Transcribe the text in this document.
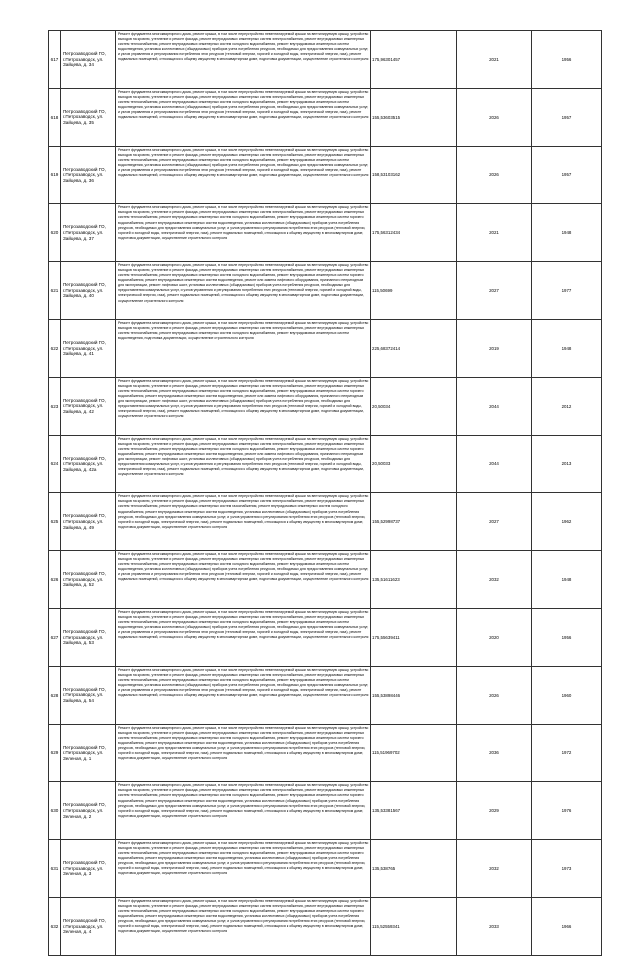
617	Петрозаводский ГО, г.Петрозаводск, ул. Зайцева, д. 34	Ремонт фундамента многоквартирного дома, ремонт крыши, в том числе переустройство невентилируемой крыши на вентилируемую крышу, устройство выходов на кровлю, утепление и ремонт фасада, ремонт внутридомовых инженерных систем электроснабжения, ремонт внутридомовых инженерных систем теплоснабжения, ремонт внутридомовых инженерных систем холодного водоснабжения, ремонт внутридомовых инженерных систем водоотведения, установка коллективных (общедомовых) приборов учета потребления ресурсов, необходимых для предоставления коммунальных услуг, и узлов управления и регулирования потребления этих ресурсов (тепловой энергии, горячей и холодной воды, электрической энергии, газа), ремонт подвальных помещений, относящихся к общему имуществу в многоквартирном доме, подготовка документации, осуществление строительного контроля	175,96301457	2021	1956
618	Петрозаводский ГО, г.Петрозаводск, ул. Зайцева, д. 35	Ремонт фундамента многоквартирного дома, ремонт крыши, в том числе переустройство невентилируемой крыши на вентилируемую крышу, устройство выходов на кровлю, утепление и ремонт фасада, ремонт внутридомовых инженерных систем электроснабжения, ремонт внутридомовых инженерных систем теплоснабжения, ремонт внутридомовых инженерных систем холодного водоснабжения, ремонт внутридомовых инженерных систем водоотведения, установка коллективных (общедомовых) приборов учета потребления ресурсов, необходимых для предоставления коммунальных услуг, и узлов управления и регулирования потребления этих ресурсов (тепловой энергии, горячей и холодной воды, электрической энергии, газа), ремонт подвальных помещений, относящихся к общему имуществу в многоквартирном доме, подготовка документации, осуществление строительного контроля	155,53603515	2026	1957
619	Петрозаводский ГО, г.Петрозаводск, ул. Зайцева, д. 36	Ремонт фундамента многоквартирного дома, ремонт крыши, в том числе переустройство невентилируемой крыши на вентилируемую крышу, устройство выходов на кровлю, утепление и ремонт фасада, ремонт внутридомовых инженерных систем электроснабжения, ремонт внутридомовых инженерных систем теплоснабжения, ремонт внутридомовых инженерных систем холодного водоснабжения, ремонт внутридомовых инженерных систем водоотведения, установка коллективных (общедомовых) приборов учета потребления ресурсов, необходимых для предоставления коммунальных услуг, и узлов управления и регулирования потребления этих ресурсов (тепловой энергии, горячей и холодной воды, электрической энергии, газа), ремонт подвальных помещений, относящихся к общему имуществу в многоквартирном доме, подготовка документации, осуществление строительного контроля	158,53103162	2026	1957
620	Петрозаводский ГО, г.Петрозаводск, ул. Зайцева, д. 37	Ремонт фундамента многоквартирного дома, ремонт крыши, в том числе переустройство невентилируемой крыши на вентилируемую крышу, устройство выходов на кровлю, утепление и ремонт фасада, ремонт внутридомовых инженерных систем электроснабжения, ремонт внутридомовых инженерных систем теплоснабжения, ремонт внутридомовых инженерных систем холодного водоснабжения, ремонт внутридомовых инженерных систем горячего водоснабжения, ремонт внутридомовых инженерных систем водоотведения, установка коллективных (общедомовых) приборов учета потребления ресурсов, необходимых для предоставления коммунальных услуг, и узлов управления и регулирования потребления этих ресурсов (тепловой энергии, горячей и холодной воды, электрической энергии, газа), ремонт подвальных помещений, относящихся к общему имуществу в многоквартирном доме, подготовка документации, осуществление строительного контроля	175,56312434	2021	1948
621	Петрозаводский ГО, г.Петрозаводск, ул. Зайцева, д. 40	Ремонт фундамента многоквартирного дома, ремонт крыши, в том числе переустройство невентилируемой крыши на вентилируемую крышу, устройство выходов на кровлю, утепление и ремонт фасада, ремонт внутридомовых инженерных систем электроснабжения, ремонт внутридомовых инженерных систем теплоснабжения, ремонт внутридомовых инженерных систем холодного водоснабжения, ремонт внутридомовых инженерных систем горячего водоснабжения, ремонт внутридомовых инженерных систем водоотведения, ремонт или замена лифтового оборудования, признанного непригодным для эксплуатации, ремонт лифтовых шахт, установка коллективных (общедомовых) приборов учета потребления ресурсов, необходимых для предоставления коммунальных услуг, и узлов управления и регулирования потребления этих ресурсов (тепловой энергии, горячей и холодной воды, электрической энергии, газа), ремонт подвальных помещений, относящихся к общему имуществу в многоквартирном доме, подготовка документации, осуществление строительного контроля	115,50699	2027	1977
622	Петрозаводский ГО, г.Петрозаводск, ул. Зайцева, д. 41	Ремонт фундамента многоквартирного дома, ремонт крыши, в том числе переустройство невентилируемой крыши на вентилируемую крышу, устройство выходов на кровлю, утепление и ремонт фасада, ремонт внутридомовых инженерных систем электроснабжения, ремонт внутридомовых инженерных систем теплоснабжения, ремонт внутридомовых инженерных систем холодного водоснабжения, ремонт внутридомовых инженерных систем водоотведения, подготовка документации, осуществление строительного контроля	225,68372414	2019	1948
623	Петрозаводский ГО, г.Петрозаводск, ул. Зайцева, д. 42	Ремонт фундамента многоквартирного дома, ремонт крыши, в том числе переустройство невентилируемой крыши на вентилируемую крышу, устройство выходов на кровлю, утепление и ремонт фасада, ремонт внутридомовых инженерных систем электроснабжения, ремонт внутридомовых инженерных систем теплоснабжения, ремонт внутридомовых инженерных систем холодного водоснабжения, ремонт внутридомовых инженерных систем горячего водоснабжения, ремонт внутридомовых инженерных систем водоотведения, ремонт или замена лифтового оборудования, признанного непригодным для эксплуатации, ремонт лифтовых шахт, установка коллективных (общедомовых) приборов учета потребления ресурсов, необходимых для предоставления коммунальных услуг, и узлов управления и регулирования потребления этих ресурсов (тепловой энергии, горячей и холодной воды, электрической энергии, газа), ремонт подвальных помещений, относящихся к общему имуществу в многоквартирном доме, подготовка документации, осуществление строительного контроля	20,50034	2044	2012
624	Петрозаводский ГО, г.Петрозаводск, ул. Зайцева, д. 42а	Ремонт фундамента многоквартирного дома, ремонт крыши, в том числе переустройство невентилируемой крыши на вентилируемую крышу, устройство выходов на кровлю, утепление и ремонт фасада, ремонт внутридомовых инженерных систем электроснабжения, ремонт внутридомовых инженерных систем теплоснабжения, ремонт внутридомовых инженерных систем холодного водоснабжения, ремонт внутридомовых инженерных систем горячего водоснабжения, ремонт внутридомовых инженерных систем водоотведения, ремонт или замена лифтового оборудования, признанного непригодным для эксплуатации, ремонт лифтовых шахт, установка коллективных (общедомовых) приборов учета потребления ресурсов, необходимых для предоставления коммунальных услуг, и узлов управления и регулирования потребления этих ресурсов (тепловой энергии, горячей и холодной воды, электрической энергии, газа), ремонт подвальных помещений, относящихся к общему имуществу в многоквартирном доме, подготовка документации, осуществление строительного контроля	20,50033	2044	2013
625	Петрозаводский ГО, г.Петрозаводск, ул. Зайцева, д. 49	Ремонт фундамента многоквартирного дома, ремонт крыши, в том числе переустройство невентилируемой крыши на вентилируемую крышу, устройство выходов на кровлю, утепление и ремонт фасада, ремонт внутридомовых инженерных систем электроснабжения, ремонт внутридомовых инженерных систем теплоснабжения, ремонт внутридомовых инженерных систем газоснабжения, ремонт внутридомовых инженерных систем холодного водоснабжения, ремонт внутридомовых инженерных систем водоотведения, установка коллективных (общедомовых) приборов учета потребления ресурсов, необходимых для предоставления коммунальных услуг, и узлов управления и регулирования потребления этих ресурсов (тепловой энергии, горячей и холодной воды, электрической энергии, газа), ремонт подвальных помещений, относящихся к общему имуществу в многоквартирном доме, подготовка документации, осуществление строительного контроля	155,52998737	2027	1962
626	Петрозаводский ГО, г.Петрозаводск, ул. Зайцева, д. 52	Ремонт фундамента многоквартирного дома, ремонт крыши, в том числе переустройство невентилируемой крыши на вентилируемую крышу, устройство выходов на кровлю, утепление и ремонт фасада, ремонт внутридомовых инженерных систем электроснабжения, ремонт внутридомовых инженерных систем теплоснабжения, ремонт внутридомовых инженерных систем холодного водоснабжения, ремонт внутридомовых инженерных систем водоотведения, установка коллективных (общедомовых) приборов учета потребления ресурсов, необходимых для предоставления коммунальных услуг, и узлов управления и регулирования потребления этих ресурсов (тепловой энергии, горячей и холодной воды, электрической энергии, газа), ремонт подвальных помещений, относящихся к общему имуществу в многоквартирном доме, подготовка документации, осуществление строительного контроля	135,51611623	2032	1948
627	Петрозаводский ГО, г.Петрозаводск, ул. Зайцева, д. 53	Ремонт фундамента многоквартирного дома, ремонт крыши, в том числе переустройство невентилируемой крыши на вентилируемую крышу, устройство выходов на кровлю, утепление и ремонт фасада, ремонт внутридомовых инженерных систем электроснабжения, ремонт внутридомовых инженерных систем теплоснабжения, ремонт внутридомовых инженерных систем холодного водоснабжения, ремонт внутридомовых инженерных систем водоотведения, установка коллективных (общедомовых) приборов учета потребления ресурсов, необходимых для предоставления коммунальных услуг, и узлов управления и регулирования потребления этих ресурсов (тепловой энергии, горячей и холодной воды, электрической энергии, газа), ремонт подвальных помещений, относящихся к общему имуществу в многоквартирном доме, подготовка документации, осуществление строительного контроля	175,55639411	2020	1956
628	Петрозаводский ГО, г.Петрозаводск, ул. Зайцева, д. 54	Ремонт фундамента многоквартирного дома, ремонт крыши, в том числе переустройство невентилируемой крыши на вентилируемую крышу, устройство выходов на кровлю, утепление и ремонт фасада, ремонт внутридомовых инженерных систем электроснабжения, ремонт внутридомовых инженерных систем теплоснабжения, ремонт внутридомовых инженерных систем холодного водоснабжения, ремонт внутридомовых инженерных систем водоотведения, установка коллективных (общедомовых) приборов учета потребления ресурсов, необходимых для предоставления коммунальных услуг, и узлов управления и регулирования потребления этих ресурсов (тепловой энергии, горячей и холодной воды, электрической энергии, газа), ремонт подвальных помещений, относящихся к общему имуществу в многоквартирном доме, подготовка документации, осуществление строительного контроля	155,53898446	2026	1960
629	Петрозаводский ГО, г.Петрозаводск, ул. Зеленая, д. 1	Ремонт фундамента многоквартирного дома, ремонт крыши, в том числе переустройство невентилируемой крыши на вентилируемую крышу, устройство выходов на кровлю, утепление и ремонт фасада, ремонт внутридомовых инженерных систем электроснабжения, ремонт внутридомовых инженерных систем теплоснабжения, ремонт внутридомовых инженерных систем холодного водоснабжения, ремонт внутридомовых инженерных систем горячего водоснабжения, ремонт внутридомовых инженерных систем водоотведения, установка коллективных (общедомовых) приборов учета потребления ресурсов, необходимых для предоставления коммунальных услуг, и узлов управления и регулирования потребления этих ресурсов (тепловой энергии, горячей и холодной воды, электрической энергии, газа), ремонт подвальных помещений, относящихся к общему имуществу в многоквартирном доме, подготовка документации, осуществление строительного контроля	115,51969702	2036	1972
630	Петрозаводский ГО, г.Петрозаводск, ул. Зеленая, д. 2	Ремонт фундамента многоквартирного дома, ремонт крыши, в том числе переустройство невентилируемой крыши на вентилируемую крышу, устройство выходов на кровлю, утепление и ремонт фасада, ремонт внутридомовых инженерных систем электроснабжения, ремонт внутридомовых инженерных систем теплоснабжения, ремонт внутридомовых инженерных систем холодного водоснабжения, ремонт внутридомовых инженерных систем горячего водоснабжения, ремонт внутридомовых инженерных систем водоотведения, установка коллективных (общедомовых) приборов учета потребления ресурсов, необходимых для предоставления коммунальных услуг, и узлов управления и регулирования потребления этих ресурсов (тепловой энергии, горячей и холодной воды, электрической энергии, газа), ремонт подвальных помещений, относящихся к общему имуществу в многоквартирном доме, подготовка документации, осуществление строительного контроля	135,53381567	2029	1976
631	Петрозаводский ГО, г.Петрозаводск, ул. Зеленая, д. 3	Ремонт фундамента многоквартирного дома, ремонт крыши, в том числе переустройство невентилируемой крыши на вентилируемую крышу, устройство выходов на кровлю, утепление и ремонт фасада, ремонт внутридомовых инженерных систем электроснабжения, ремонт внутридомовых инженерных систем теплоснабжения, ремонт внутридомовых инженерных систем холодного водоснабжения, ремонт внутридомовых инженерных систем горячего водоснабжения, ремонт внутридомовых инженерных систем водоотведения, установка коллективных (общедомовых) приборов учета потребления ресурсов, необходимых для предоставления коммунальных услуг, и узлов управления и регулирования потребления этих ресурсов (тепловой энергии, горячей и холодной воды, электрической энергии, газа), ремонт подвальных помещений, относящихся к общему имуществу в многоквартирном доме, подготовка документации, осуществление строительного контроля	135,538765	2032	1973
632	Петрозаводский ГО, г.Петрозаводск, ул. Зеленая, д. 4	Ремонт фундамента многоквартирного дома, ремонт крыши, в том числе переустройство невентилируемой крыши на вентилируемую крышу, устройство выходов на кровлю, утепление и ремонт фасада, ремонт внутридомовых инженерных систем электроснабжения, ремонт внутридомовых инженерных систем теплоснабжения, ремонт внутридомовых инженерных систем холодного водоснабжения, ремонт внутридомовых инженерных систем горячего водоснабжения, ремонт внутридомовых инженерных систем водоотведения, установка коллективных (общедомовых) приборов учета потребления ресурсов, необходимых для предоставления коммунальных услуг, и узлов управления и регулирования потребления этих ресурсов (тепловой энергии, горячей и холодной воды, электрической энергии, газа), ремонт подвальных помещений, относящихся к общему имуществу в многоквартирном доме, подготовка документации, осуществление строительного контроля	115,52559341	2033	1966
